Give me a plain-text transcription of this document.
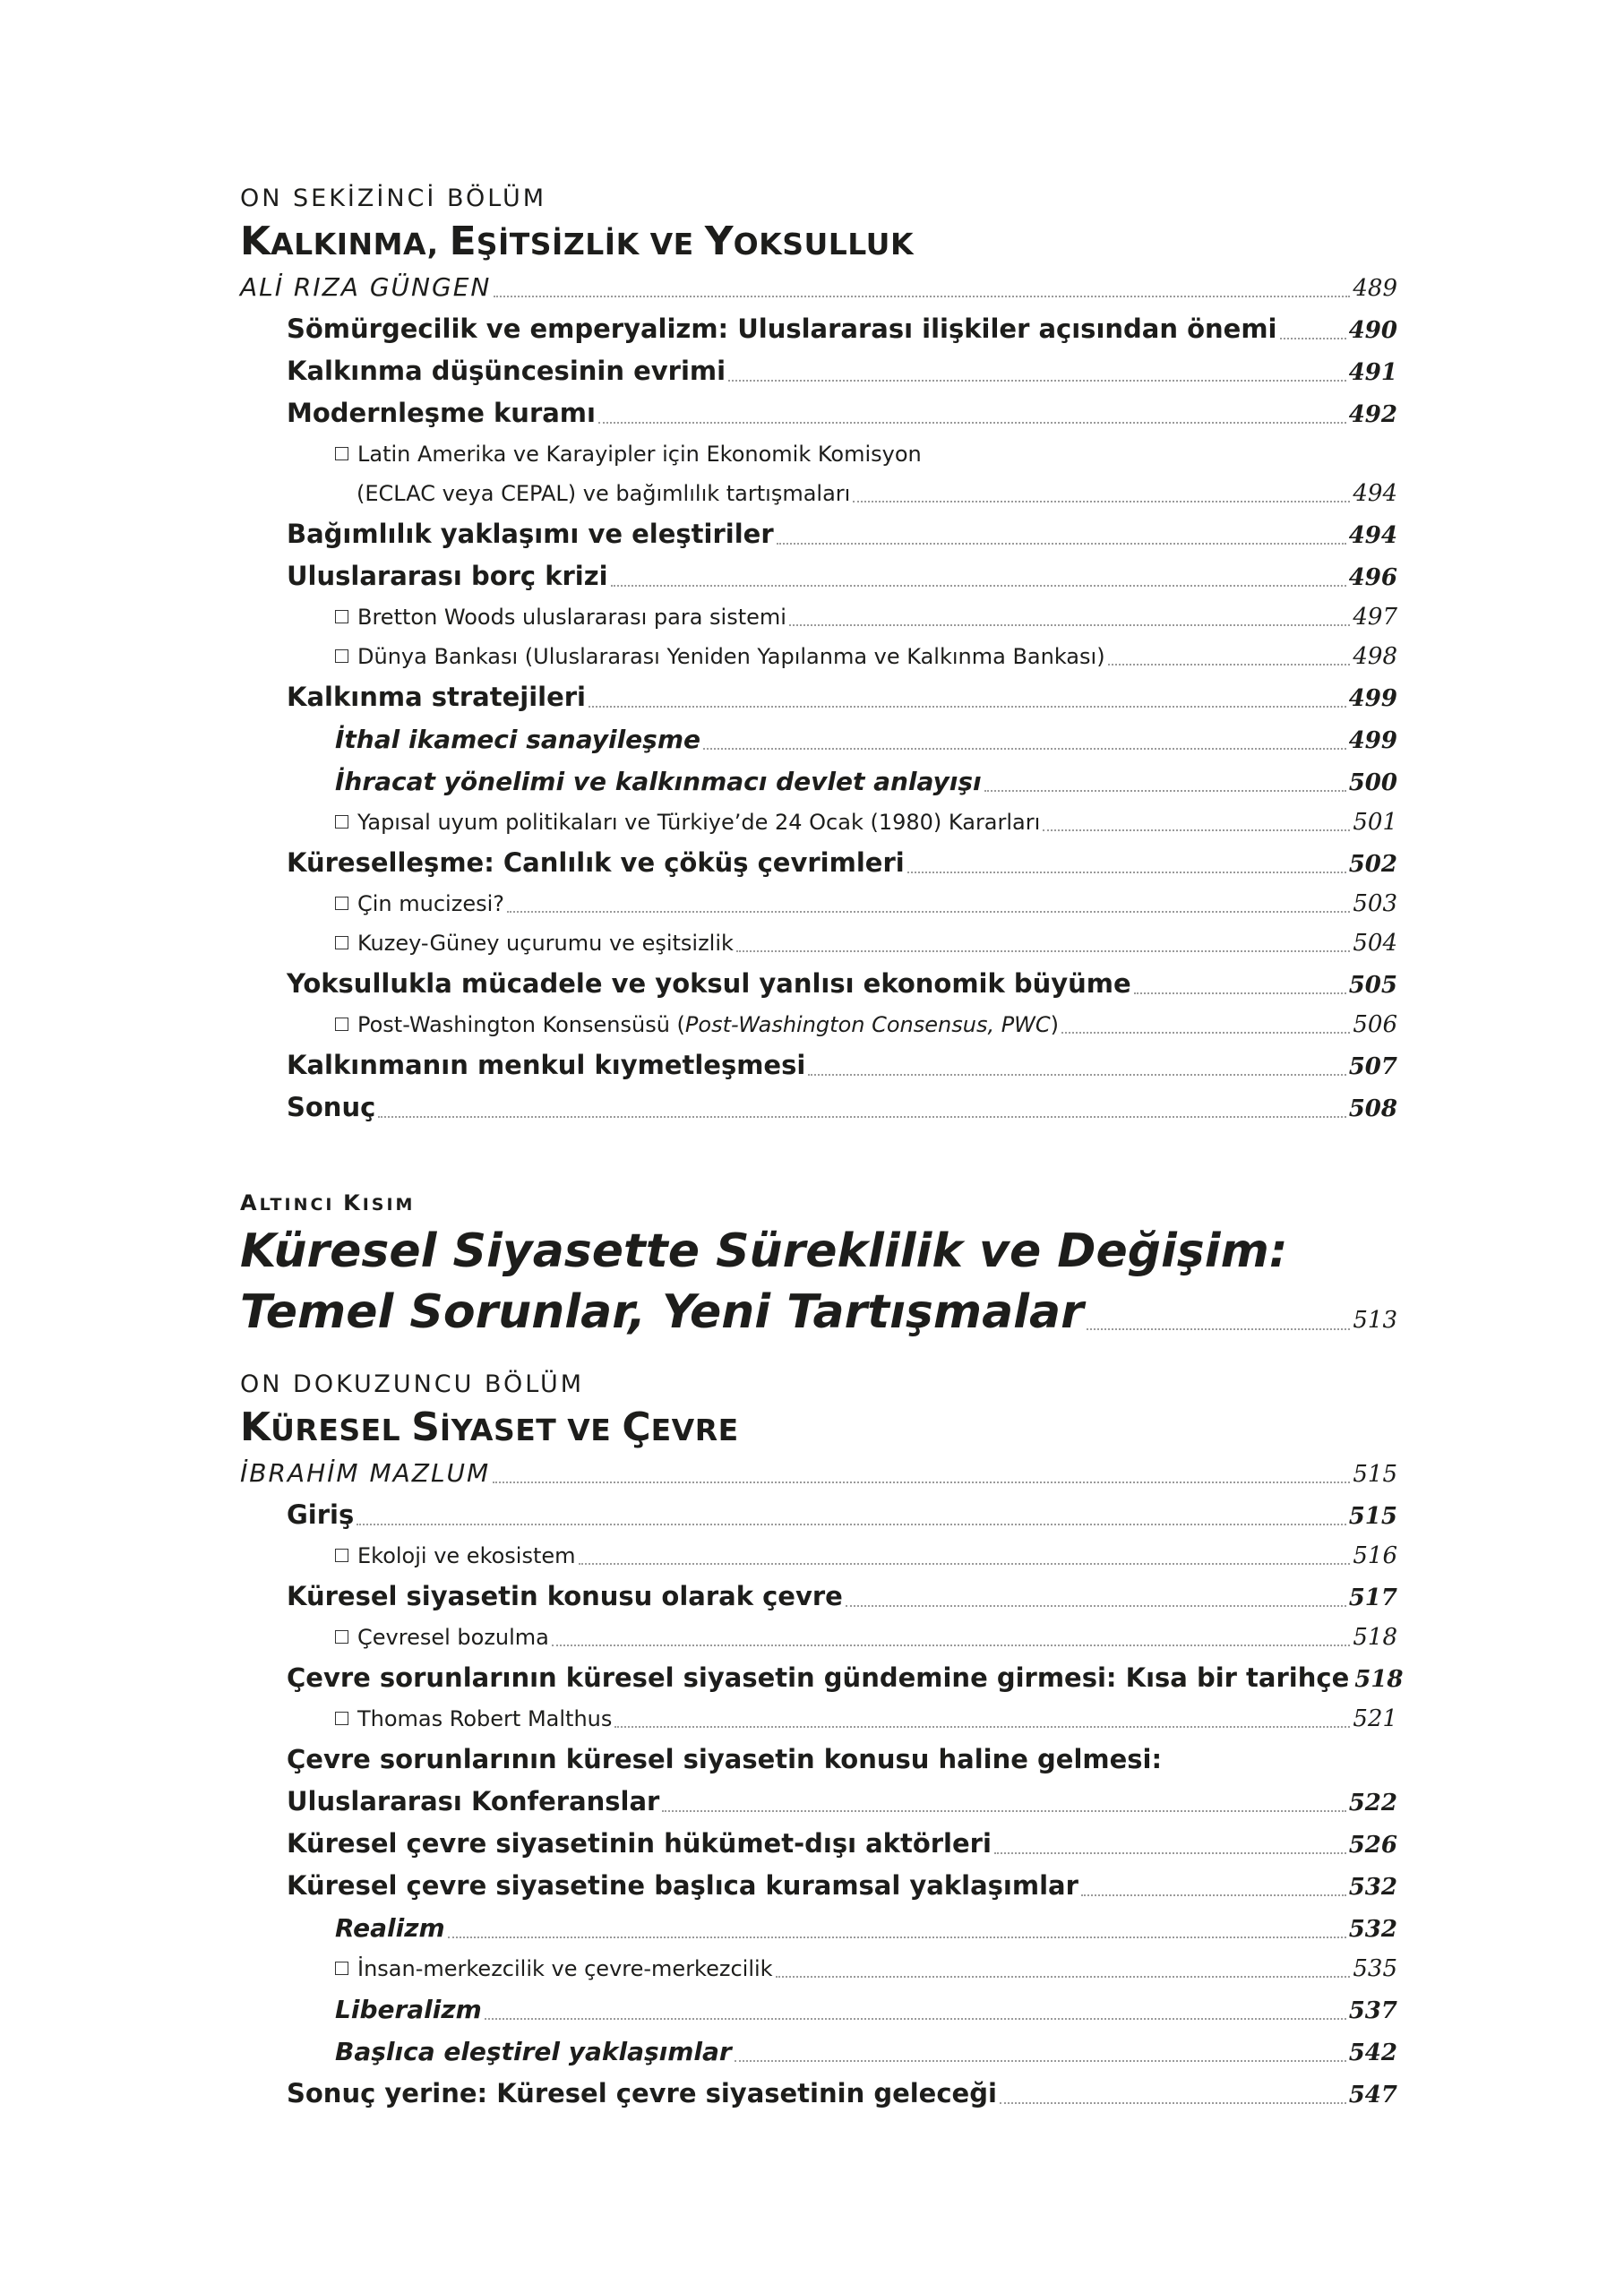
ON SEKİZİNCİ BÖLÜM
KALKINMA, EŞİTSİZLİK VE YOKSULLUK
ALİ RIZA GÜNGEN	489
Sömürgecilik ve emperyalizm: Uluslararası ilişkiler açısından önemi	490
Kalkınma düşüncesinin evrimi	491
Modernleşme kuramı	492
Latin Amerika ve Karayipler için Ekonomik Komisyon
(ECLAC veya CEPAL) ve bağımlılık tartışmaları	494
Bağımlılık yaklaşımı ve eleştiriler	494
Uluslararası borç krizi	496
Bretton Woods uluslararası para sistemi	497
Dünya Bankası (Uluslararası Yeniden Yapılanma ve Kalkınma Bankası)	498
Kalkınma stratejileri	499
İthal ikameci sanayileşme	499
İhracat yönelimi ve kalkınmacı devlet anlayışı	500
Yapısal uyum politikaları ve Türkiye’de 24 Ocak (1980) Kararları	501
Küreselleşme: Canlılık ve çöküş çevrimleri	502
Çin mucizesi?	503
Kuzey-Güney uçurumu ve eşitsizlik	504
Yoksullukla mücadele ve yoksul yanlısı ekonomik büyüme	505
Post-Washington Konsensüsü (Post-Washington Consensus, PWC)	506
Kalkınmanın menkul kıymetleşmesi	507
Sonuç	508
ALTINCI KISIM
Küresel Siyasette Süreklilik ve Değişim:
Temel Sorunlar, Yeni Tartışmalar	513
ON DOKUZUNCU BÖLÜM
KÜRESEL SİYASET VE ÇEVRE
İBRAHİM MAZLUM	515
Giriş	515
Ekoloji ve ekosistem	516
Küresel siyasetin konusu olarak çevre	517
Çevresel bozulma	518
Çevre sorunlarının küresel siyasetin gündemine girmesi: Kısa bir tarihçe 518
Thomas Robert Malthus	521
Çevre sorunlarının küresel siyasetin konusu haline gelmesi:
Uluslararası Konferanslar	522
Küresel çevre siyasetinin hükümet-dışı aktörleri	526
Küresel çevre siyasetine başlıca kuramsal yaklaşımlar	532
Realizm	532
İnsan-merkezcilik ve çevre-merkezcilik	535
Liberalizm	537
Başlıca eleştirel yaklaşımlar	542
Sonuç yerine: Küresel çevre siyasetinin geleceği	547
